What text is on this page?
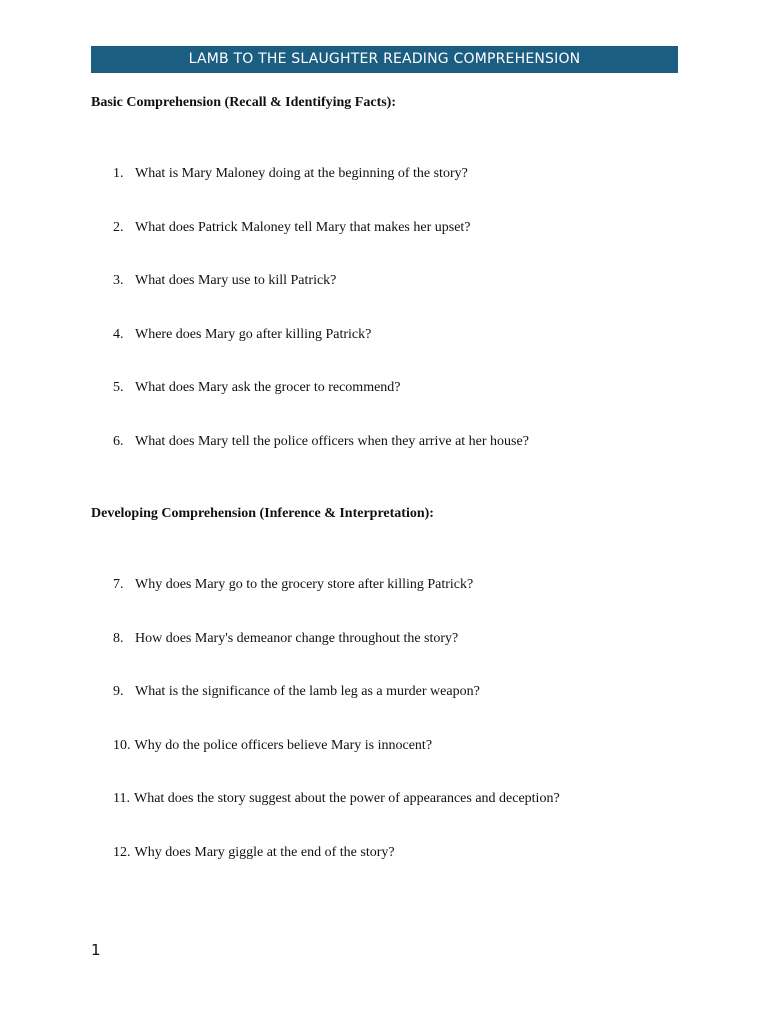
LAMB TO THE SLAUGHTER READING COMPREHENSION
Basic Comprehension (Recall & Identifying Facts):
1. What is Mary Maloney doing at the beginning of the story?
2. What does Patrick Maloney tell Mary that makes her upset?
3. What does Mary use to kill Patrick?
4. Where does Mary go after killing Patrick?
5. What does Mary ask the grocer to recommend?
6. What does Mary tell the police officers when they arrive at her house?
Developing Comprehension (Inference & Interpretation):
7. Why does Mary go to the grocery store after killing Patrick?
8. How does Mary's demeanor change throughout the story?
9. What is the significance of the lamb leg as a murder weapon?
10. Why do the police officers believe Mary is innocent?
11. What does the story suggest about the power of appearances and deception?
12. Why does Mary giggle at the end of the story?
1
